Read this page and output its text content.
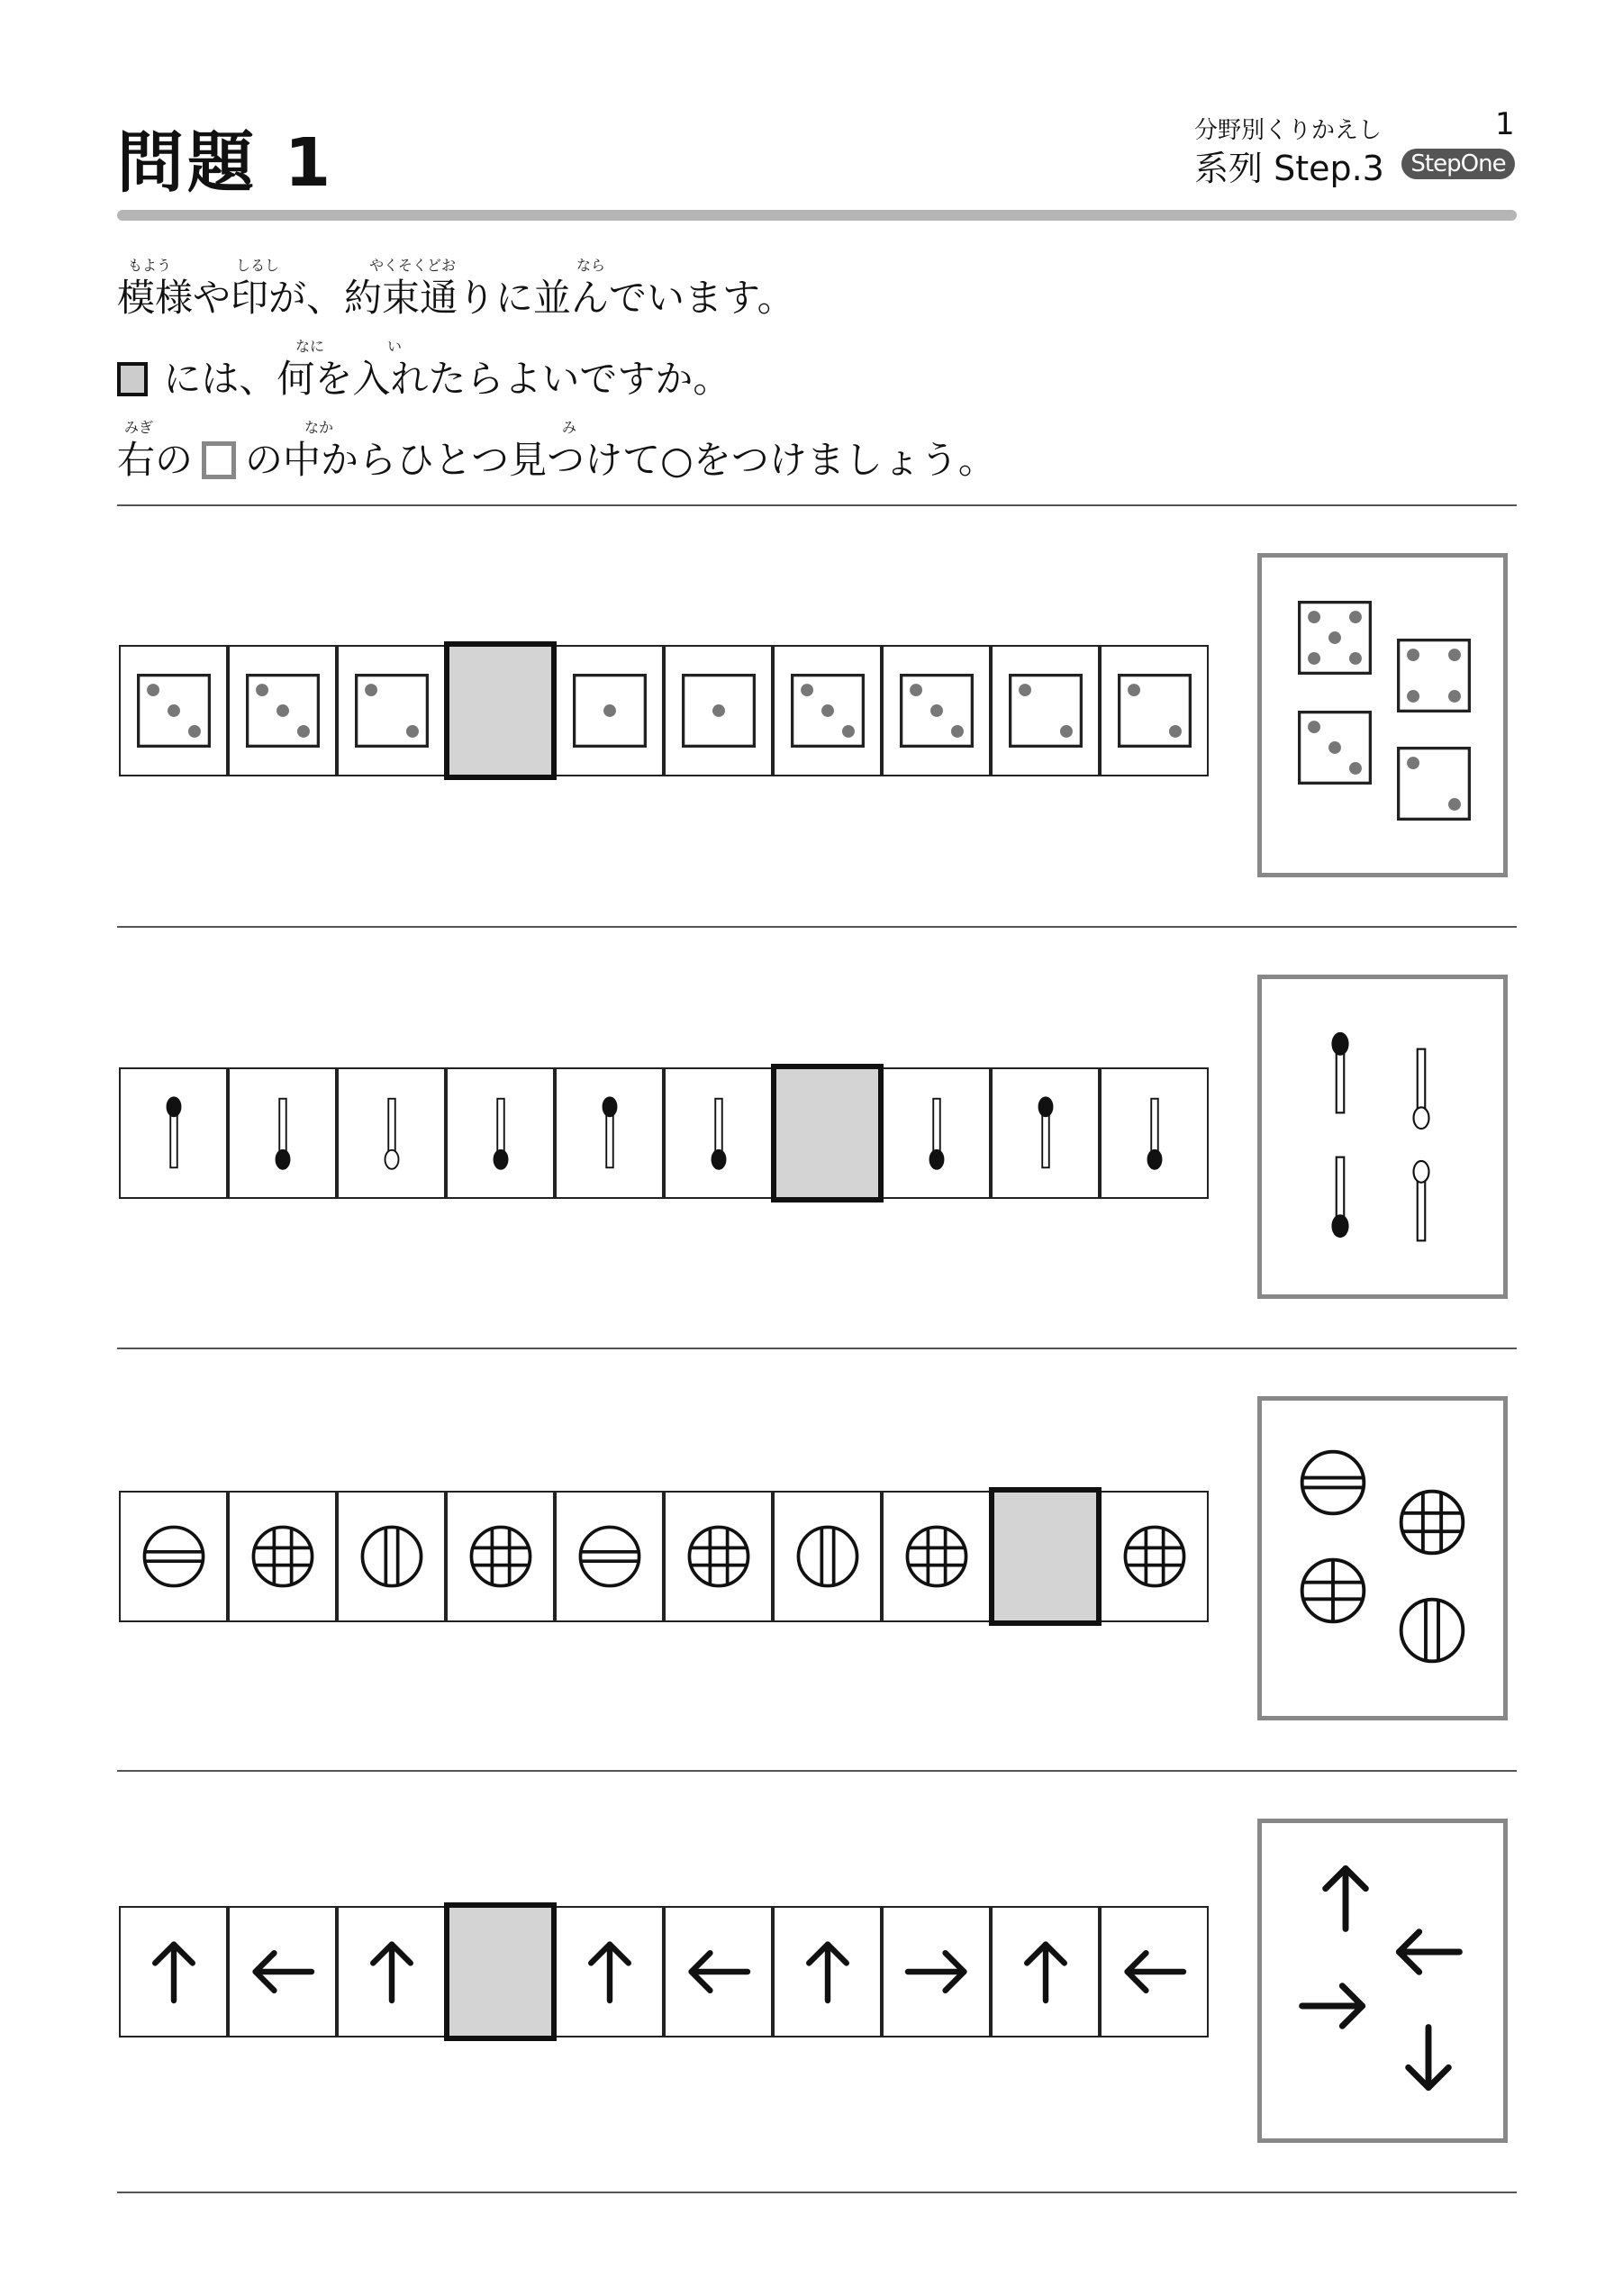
問題 1	分野別くりかえし
系列 Step.3
1
StepOne
もよう	しるし	やくそくどお	なら
模様や印が、約束通りに並んでいます。
なに	い
には、何を入れたらよいですか。
みぎ	なか	み
右の の中からひとつ見つけて○をつけましょう。
